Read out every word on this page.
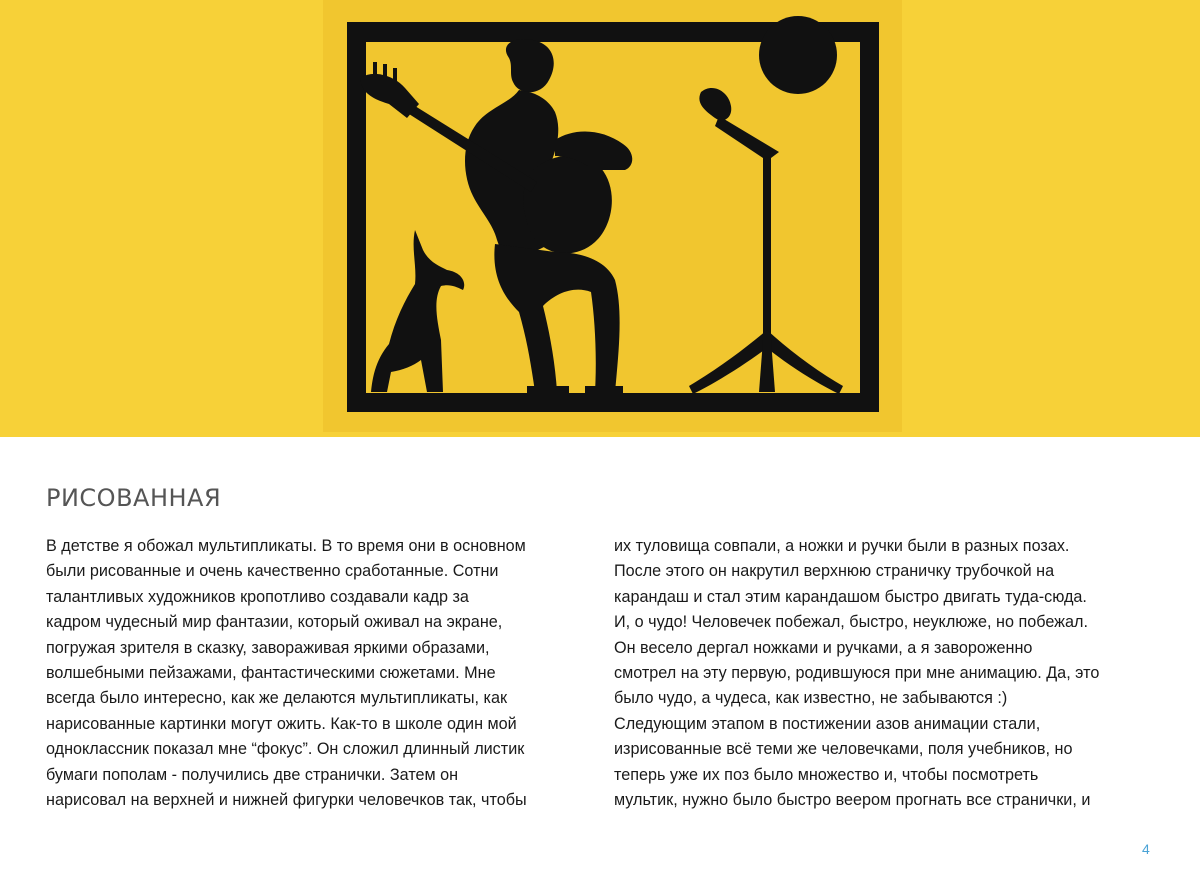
РИСОВАННАЯ
В детстве я обожал мультипликаты. В то время они в основном
были рисованные и очень качественно сработанные. Сотни
талантливых художников кропотливо создавали кадр за
кадром чудесный мир фантазии, который оживал на экране,
погружая зрителя в сказку, завораживая яркими образами,
волшебными пейзажами, фантастическими сюжетами. Мне
всегда было интересно, как же делаются мультипликаты, как
нарисованные картинки могут ожить. Как-то в школе один мой
одноклассник показал мне “фокус”. Он сложил длинный листик
бумаги пополам - получились две странички. Затем он
нарисовал на верхней и нижней фигурки человечков так, чтобы
их туловища совпали, а ножки и ручки были в разных позах.
После этого он накрутил верхнюю страничку трубочкой на
карандаш и стал этим карандашом быстро двигать туда-сюда.
И, о чудо! Человечек побежал, быстро, неуклюже, но побежал.
Он весело дергал ножками и ручками, а я завороженно
смотрел на эту первую, родившуюся при мне анимацию. Да, это
было чудо, а чудеса, как известно, не забываются :)
Следующим этапом в постижении азов анимации стали,
изрисованные всё теми же человечками, поля учебников, но
теперь уже их поз было множество и, чтобы посмотреть
мультик, нужно было быстро веером прогнать все странички, и
4
